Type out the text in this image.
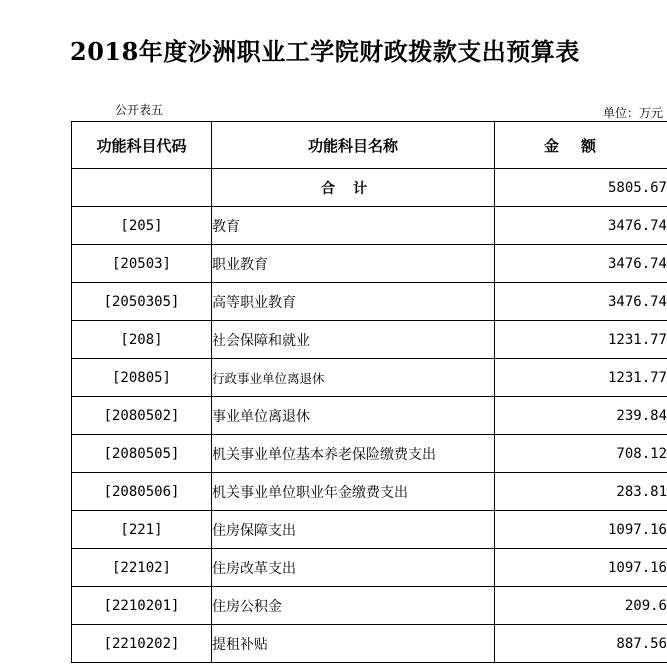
2018年度沙洲职业工学院财政拨款支出预算表
公开表五	单位：万元
功能科目代码	功能科目名称	金额
	合计	5805.67
[205]	教育	3476.74
[20503]	职业教育	3476.74
[2050305]	高等职业教育	3476.74
[208]	社会保障和就业	1231.77
[20805]	行政事业单位离退休	1231.77
[2080502]	事业单位离退休	239.84
[2080505]	机关事业单位基本养老保险缴费支出	708.12
[2080506]	机关事业单位职业年金缴费支出	283.81
[221]	住房保障支出	1097.16
[22102]	住房改革支出	1097.16
[2210201]	住房公积金	209.6
[2210202]	提租补贴	887.56
